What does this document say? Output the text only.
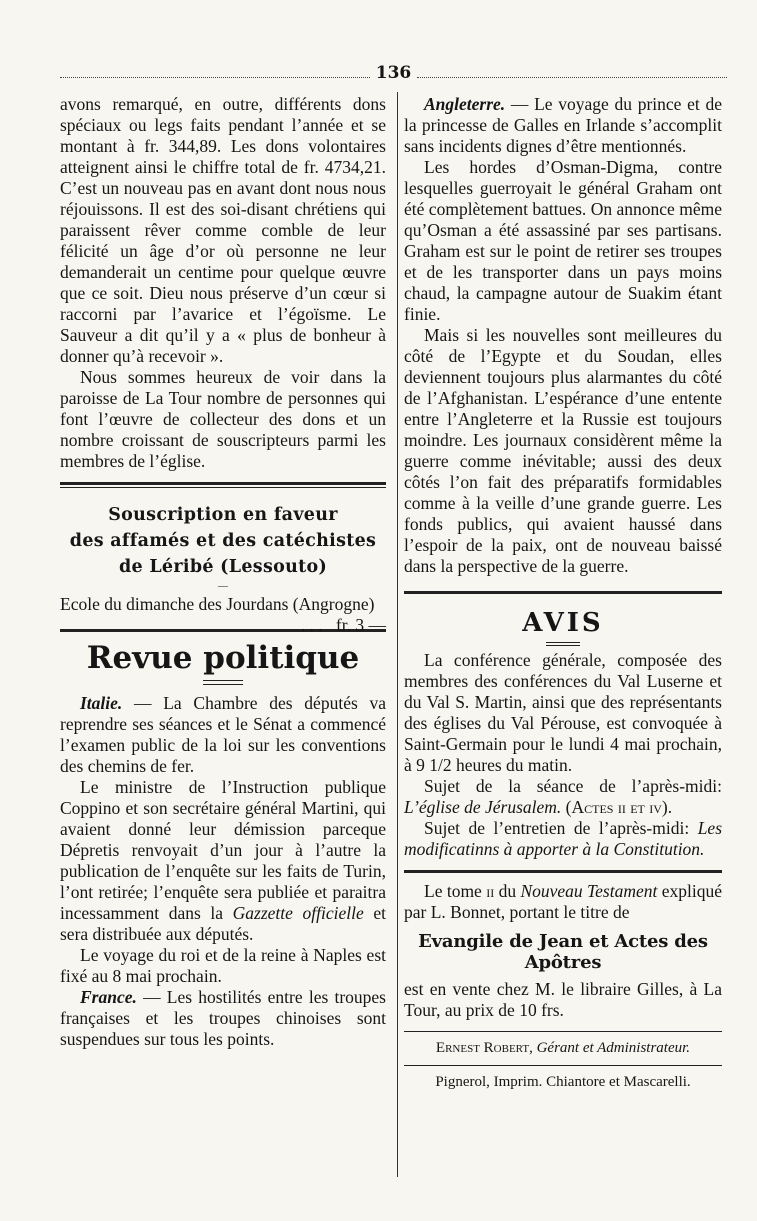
136

avons remarqué, en outre, différents dons spéciaux ou legs faits pendant l’année et se montant à fr. 344,89. Les dons volontaires atteignent ainsi le chiffre total de fr. 4734,21. C’est un nouveau pas en avant dont nous nous réjouissons. Il est des soi-disant chrétiens qui paraissent rêver comme comble de leur félicité un âge d’or où personne ne leur demanderait un centime pour quelque œuvre que ce soit. Dieu nous préserve d’un cœur si raccorni par l’avarice et l’égoïsme. Le Sauveur a dit qu’il y a « plus de bonheur à donner qu’à recevoir ».

Nous sommes heureux de voir dans la paroisse de La Tour nombre de personnes qui font l’œuvre de collecteur des dons et un nombre croissant de souscripteurs parmi les membres de l’église.

Souscription en faveur
des affamés et des catéchistes
de Léribé (Lessouto)
—

Ecole du dimanche des Jourdans (Angrogne)
. . . fr. 3 —

Revue politique

Italie. — La Chambre des députés va reprendre ses séances et le Sénat a commencé l’examen public de la loi sur les conventions des chemins de fer.

Le ministre de l’Instruction publique Coppino et son secrétaire général Martini, qui avaient donné leur démission parceque Dépretis renvoyait d’un jour à l’autre la publication de l’enquête sur les faits de Turin, l’ont retirée; l’enquête sera publiée et paraitra incessamment dans la Gazzette officielle et sera distribuée aux députés.

Le voyage du roi et de la reine à Naples est fixé au 8 mai prochain.

France. — Les hostilités entre les troupes françaises et les troupes chinoises sont suspendues sur tous les points.

Angleterre. — Le voyage du prince et de la princesse de Galles en Irlande s’accomplit sans incidents dignes d’être mentionnés.

Les hordes d’Osman-Digma, contre lesquelles guerroyait le général Graham ont été complètement battues. On annonce même qu’Osman a été assassiné par ses partisans. Graham est sur le point de retirer ses troupes et de les transporter dans un pays moins chaud, la campagne autour de Suakim étant finie.

Mais si les nouvelles sont meilleures du côté de l’Egypte et du Soudan, elles deviennent toujours plus alarmantes du côté de l’Afghanistan. L’espérance d’une entente entre l’Angleterre et la Russie est toujours moindre. Les journaux considèrent même la guerre comme inévitable; aussi des deux côtés l’on fait des préparatifs formidables comme à la veille d’une grande guerre. Les fonds publics, qui avaient haussé dans l’espoir de la paix, ont de nouveau baissé dans la perspective de la guerre.

AVIS

La conférence générale, composée des membres des conférences du Val Luserne et du Val S. Martin, ainsi que des représentants des églises du Val Pérouse, est convoquée à Saint-Germain pour le lundi 4 mai prochain, à 9 1/2 heures du matin.

Sujet de la séance de l’après-midi: L’église de Jérusalem. (Actes ii et iv).

Sujet de l’entretien de l’après-midi: Les modificatinns à apporter à la Constitution.

Le tome ii du Nouveau Testament expliqué par L. Bonnet, portant le titre de

Evangile de Jean et Actes des Apôtres

est en vente chez M. le libraire Gilles, à La Tour, au prix de 10 frs.

Ernest Robert, Gérant et Administrateur.
Pignerol, Imprim. Chiantore et Mascarelli.
